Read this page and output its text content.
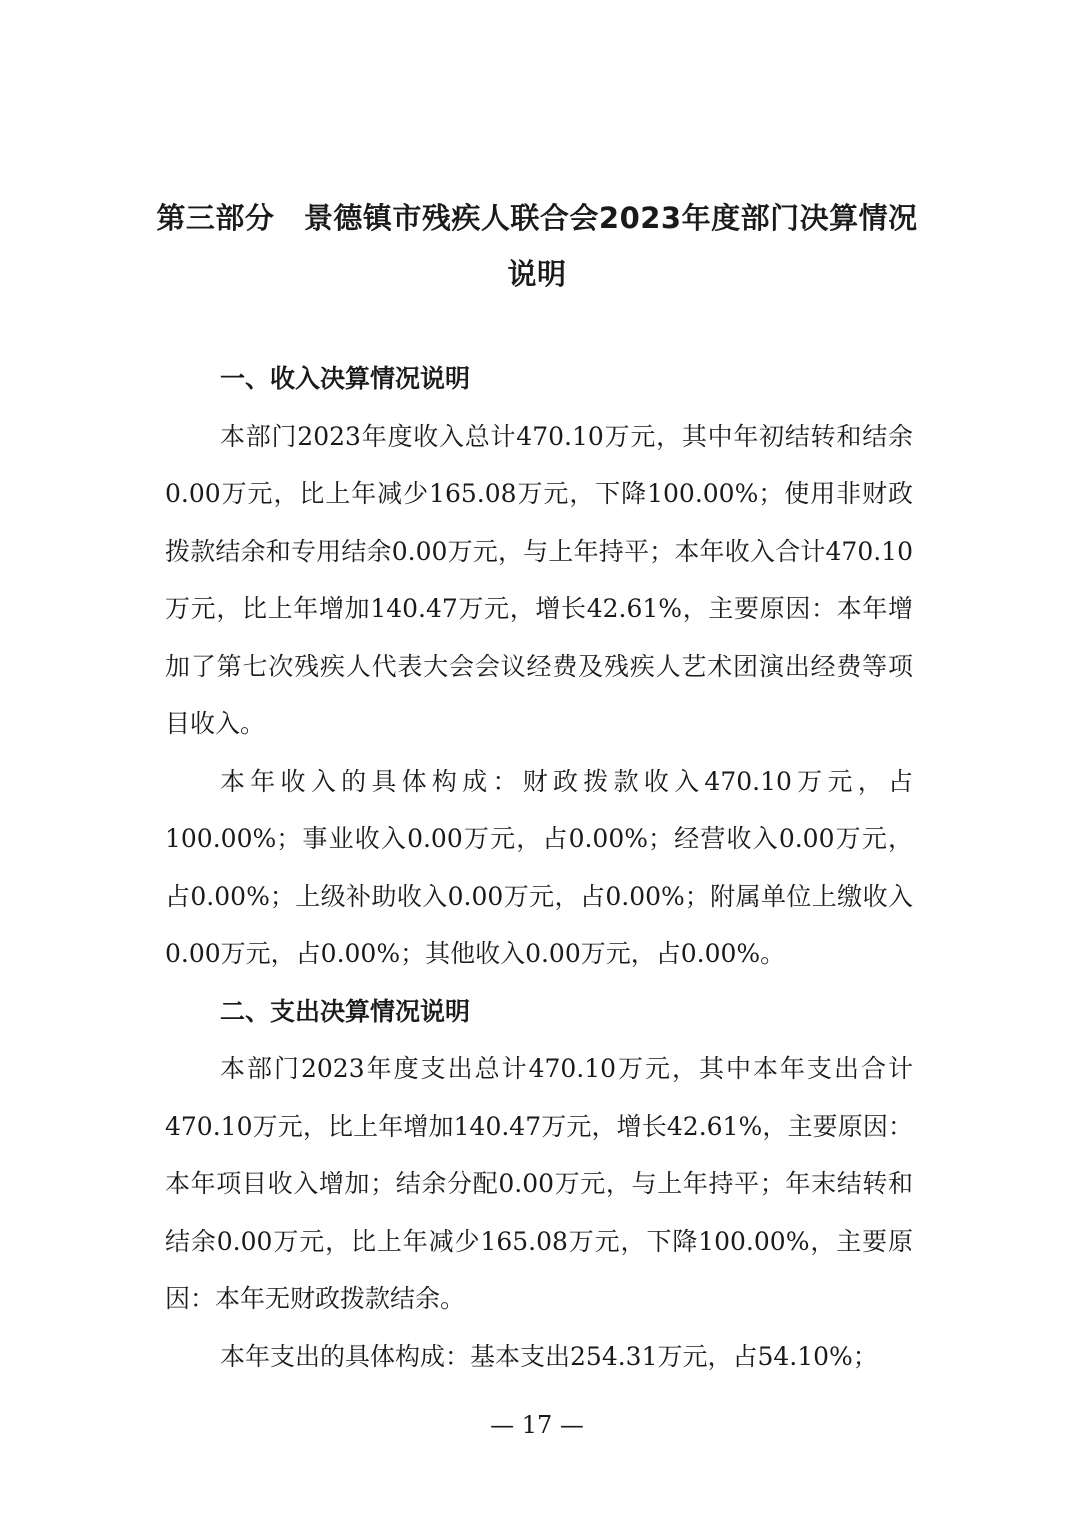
第三部分　景德镇市残疾人联合会2023年度部门决算情况
说明

一、收入决算情况说明

本部门2023年度收入总计470.10万元，其中年初结转和结余0.00万元，比上年减少165.08万元，下降100.00%；使用非财政拨款结余和专用结余0.00万元，与上年持平；本年收入合计470.10万元，比上年增加140.47万元，增长42.61%，主要原因：本年增加了第七次残疾人代表大会会议经费及残疾人艺术团演出经费等项目收入。

本年收入的具体构成：财政拨款收入470.10万元，占100.00%；事业收入0.00万元，占0.00%；经营收入0.00万元，占0.00%；上级补助收入0.00万元，占0.00%；附属单位上缴收入0.00万元，占0.00%；其他收入0.00万元，占0.00%。

二、支出决算情况说明

本部门2023年度支出总计470.10万元，其中本年支出合计470.10万元，比上年增加140.47万元，增长42.61%，主要原因：本年项目收入增加；结余分配0.00万元，与上年持平；年末结转和结余0.00万元，比上年减少165.08万元，下降100.00%，主要原因：本年无财政拨款结余。

本年支出的具体构成：基本支出254.31万元，占54.10%；

— 17 —
